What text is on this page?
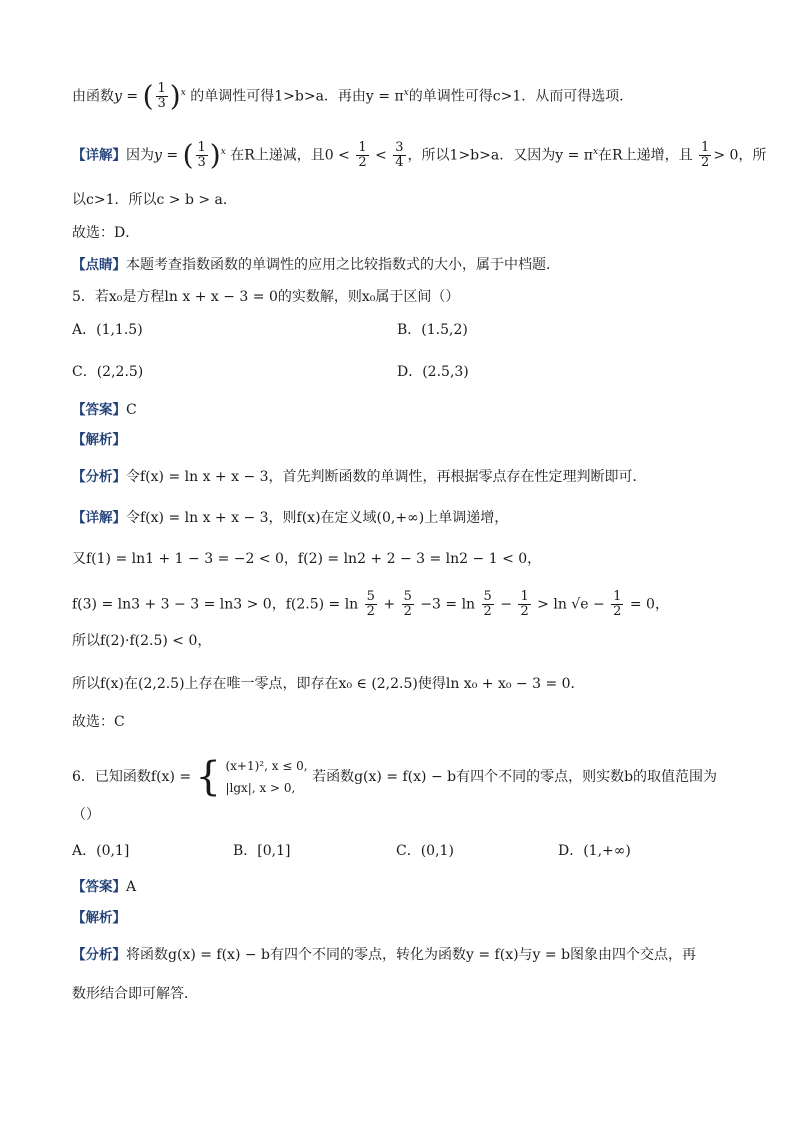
由函数y = ( $\frac{1}{3} )^x$ 的单调性可得1>b>a．再由$y = \pi^x$的单调性可得c>1．从而可得选项．
【详解】因为y = ( $\frac{1}{3} )^x$ 在R上递减，且$0 < \frac{1}{2} < \frac{3}{4}$ ，所以1>b>a．又因为$y = \pi^x$在R上递增，且 $\frac{1}{2} > 0$，所
以c>1．所以c > b > a．
故选：D．
【点睛】本题考查指数函数的单调性的应用之比较指数式的大小，属于中档题．
5．若x₀是方程ln x + x − 3 = 0的实数解，则x₀属于区间（）
A．(1,1.5)	B．(1.5,2)
C．(2,2.5)	D．(2.5,3)
【答案】C
【解析】
【分析】令f(x) = ln x + x − 3，首先判断函数的单调性，再根据零点存在性定理判断即可．
【详解】令f(x) = ln x + x − 3，则f(x)在定义域(0,+∞)上单调递增，
又f(1) = ln1 + 1 − 3 = −2 < 0，f(2) = ln2 + 2 − 3 = ln2 − 1 < 0，
f(3) = ln3 + 3 − 3 = ln3 > 0，$f(2.5) = \ln \frac{5}{2} + \frac{5}{2} -3 = \ln \frac{5}{2} - \frac{1}{2} > \ln √e - \frac{1}{2} = 0$，
所以f(2)·f(2.5) < 0，
所以f(x)在(2,2.5)上存在唯一零点，即存在x₀ ∈ (2,2.5)使得ln x₀ + x₀ − 3 = 0．
故选：C
6．已知函数f(x) = { (x+1)², x ≤ 0,
|lgx|, x > 0,
若函数g(x) = f(x) − b有四个不同的零点，则实数b的取值范围为
（）
A．(0,1]	B．[0,1]	C．(0,1)	D．(1,+∞)
【答案】A
【解析】
【分析】将函数g(x) = f(x) − b有四个不同的零点，转化为函数y = f(x)与y = b图象由四个交点，再
数形结合即可解答．
